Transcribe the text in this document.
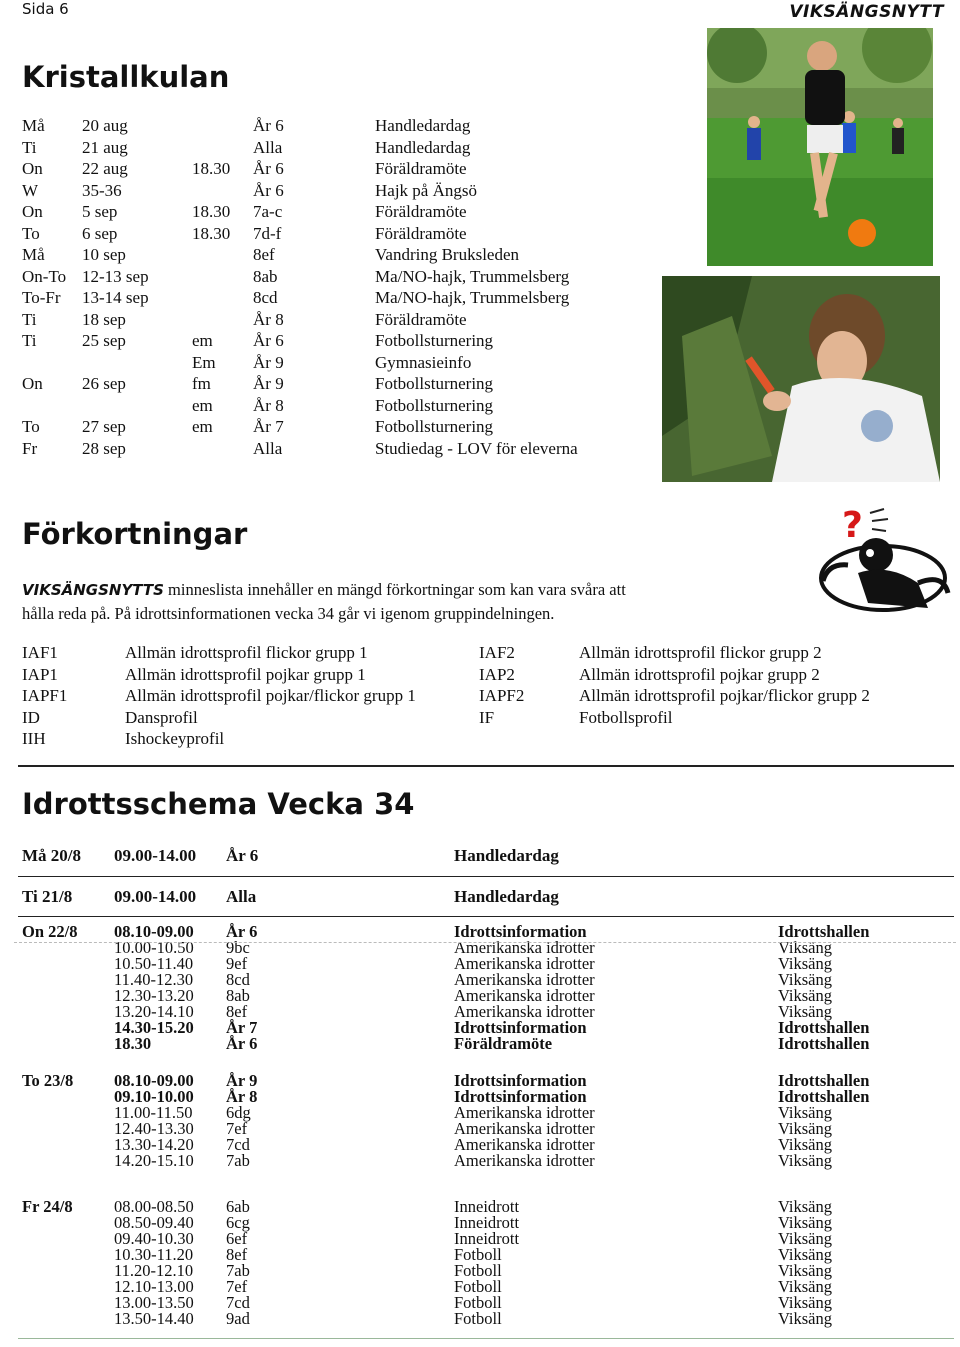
Sida 6	VIKSÄNGSNYTT
Kristallkulan
Må 20 aug	År 6	Handledardag
Ti	21 aug	Alla	Handledardag
On 22 aug	18.30 År 6	Föräldramöte
W	35-36	År 6	Hajk på Ängsö
On 5 sep	18.30 7a-c	Föräldramöte
To 6 sep	18.30 7d-f	Föräldramöte
Må 10 sep	8ef	Vandring Bruksleden
On-To 12-13 sep	8ab	Ma/NO-hajk, Trummelsberg
To-Fr 13-14 sep	8cd	Ma/NO-hajk, Trummelsberg
Ti	18 sep	År 8	Föräldramöte
Ti	25 sep	em År 6	Fotbollsturnering
Em År 9	Gymnasieinfo
On 26 sep	fm År 9	Fotbollsturnering
em År 8	Fotbollsturnering
To 27 sep	em År 7	Fotbollsturnering
Fr	28 sep	Alla	Studiedag - LOV för eleverna
Förkortningar
VIKSÄNGSNYTTS minneslista innehåller en mängd förkortningar som kan vara svåra att
hålla reda på. På idrottsinformationen vecka 34 går vi igenom gruppindelningen.
?
IAF1	Allmän idrottsprofil flickor grupp 1	IAF2	Allmän idrottsprofil flickor grupp 2
IAP1	Allmän idrottsprofil pojkar grupp 1	IAP2	Allmän idrottsprofil pojkar grupp 2
IAPF1	Allmän idrottsprofil pojkar/flickor grupp 1	IAPF2	Allmän idrottsprofil pojkar/flickor grupp 2
ID	Dansprofil	IF	Fotbollsprofil
IIH	Ishockeyprofil
Idrottsschema Vecka 34
Må 20/8 09.00-14.00 År 6	Handledardag
Ti 21/8 09.00-14.00 Alla	Handledardag
On 22/8 08.10-09.00 År 6	Idrottsinformation	Idrottshallen
10.00-10.50 9bc	Amerikanska idrotter	Viksäng
10.50-11.40 9ef	Amerikanska idrotter	Viksäng
11.40-12.30 8cd	Amerikanska idrotter	Viksäng
12.30-13.20 8ab	Amerikanska idrotter	Viksäng
13.20-14.10 8ef	Amerikanska idrotter	Viksäng
14.30-15.20 År 7	Idrottsinformation	Idrottshallen
18.30	År 6	Föräldramöte	Idrottshallen
To 23/8 08.10-09.00 År 9	Idrottsinformation	Idrottshallen
09.10-10.00 År 8	Idrottsinformation	Idrottshallen
11.00-11.50 6dg	Amerikanska idrotter	Viksäng
12.40-13.30 7ef	Amerikanska idrotter	Viksäng
13.30-14.20 7cd	Amerikanska idrotter	Viksäng
14.20-15.10 7ab	Amerikanska idrotter	Viksäng
Fr 24/8	08.00-08.50 6ab	Inneidrott	Viksäng
08.50-09.40 6cg	Inneidrott	Viksäng
09.40-10.30 6ef	Inneidrott	Viksäng
10.30-11.20 8ef	Fotboll	Viksäng
11.20-12.10 7ab	Fotboll	Viksäng
12.10-13.00 7ef	Fotboll	Viksäng
13.00-13.50 7cd	Fotboll	Viksäng
13.50-14.40 9ad	Fotboll	Viksäng
